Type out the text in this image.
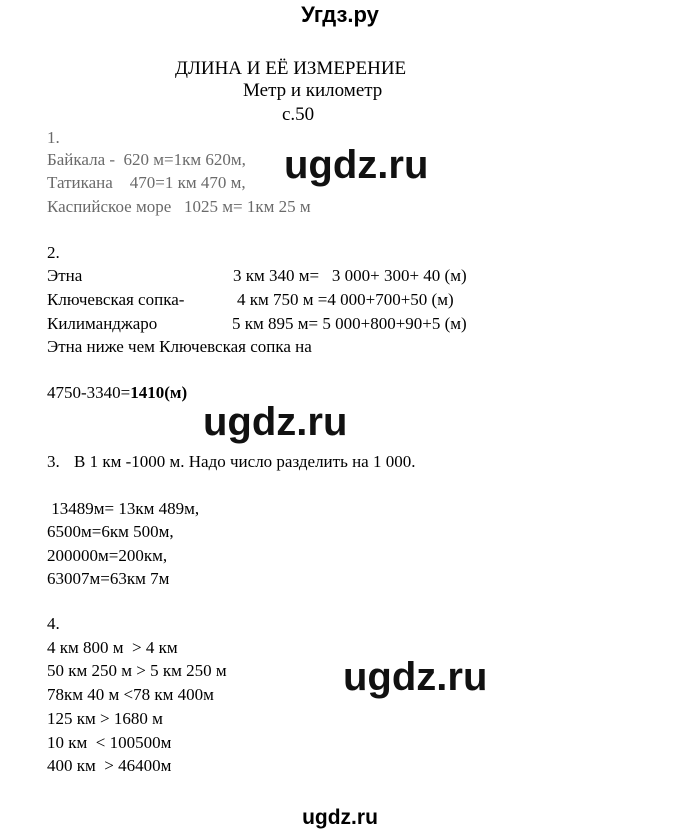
Угдз.ру
ДЛИНА И ЕЁ ИЗМЕРЕНИЕ
Метр и километр
с.50
1.
Байкала -  620 м=1км 620м,
Татикана    470=1 км 470 м,
Каспийское море   1025 м= 1км 25 м
2.
Этна	3 км 340 м=   3 000+ 300+ 40 (м)
Ключевская сопка-	4 км 750 м =4 000+700+50 (м)
Килиманджаро	5 км 895 м= 5 000+800+90+5 (м)
Этна ниже чем Ключевская сопка на
4750-3340=1410(м)
3. В 1 км -1000 м. Надо число разделить на 1 000.
13489м= 13км 489м,
6500м=6км 500м,
200000м=200км,
63007м=63км 7м
4.
4 км 800 м  > 4 км
50 км 250 м > 5 км 250 м
78км 40 м <78 км 400м
125 км > 1680 м
10 км  < 100500м
400 км  > 46400м
ugdz.ru
ugdz.ru
ugdz.ru
ugdz.ru
